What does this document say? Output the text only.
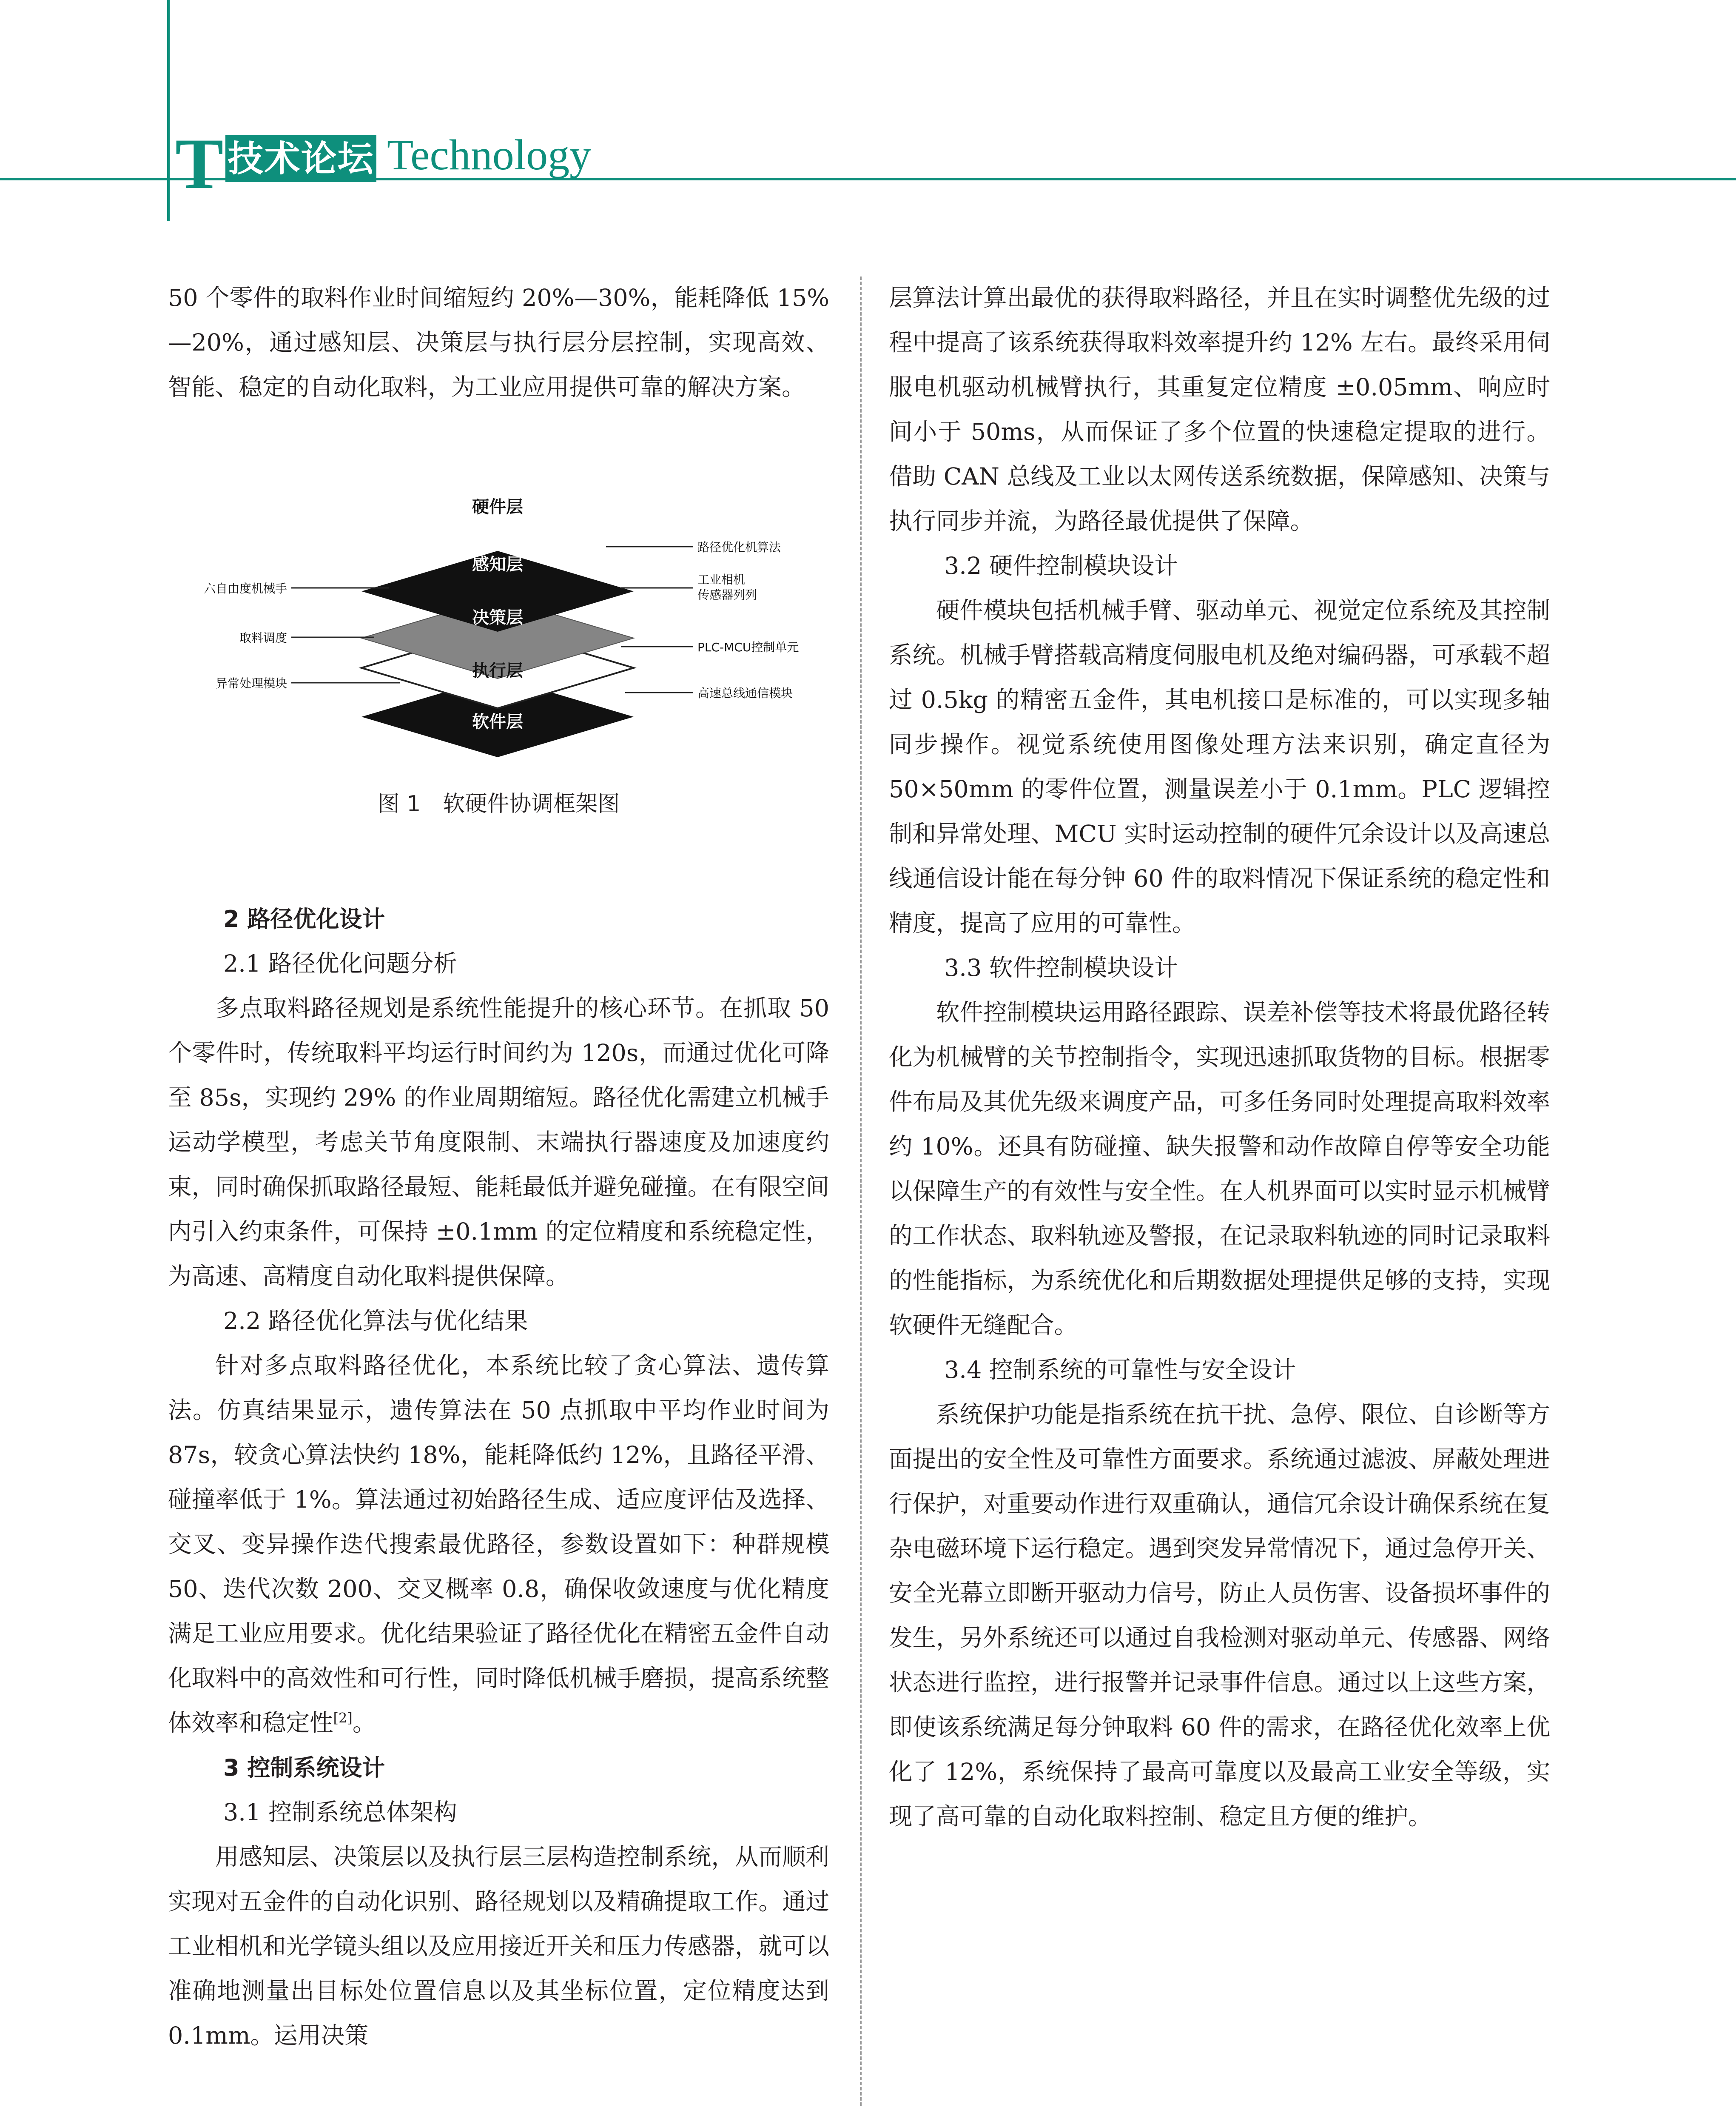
T 技术论坛 Technology

50 个零件的取料作业时间缩短约 20%—30%，能耗降低 15%—20%，通过感知层、决策层与执行层分层控制，实现高效、智能、稳定的自动化取料，为工业应用提供可靠的解决方案。

2 路径优化设计

2.1 路径优化问题分析

多点取料路径规划是系统性能提升的核心环节。在抓取 50 个零件时，传统取料平均运行时间约为 120s，而通过优化可降至 85s，实现约 29% 的作业周期缩短。路径优化需建立机械手运动学模型，考虑关节角度限制、末端执行器速度及加速度约束，同时确保抓取路径最短、能耗最低并避免碰撞。在有限空间内引入约束条件，可保持 ±0.1mm 的定位精度和系统稳定性，为高速、高精度自动化取料提供保障。

2.2 路径优化算法与优化结果

针对多点取料路径优化，本系统比较了贪心算法、遗传算法。仿真结果显示，遗传算法在 50 点抓取中平均作业时间为 87s，较贪心算法快约 18%，能耗降低约 12%，且路径平滑、碰撞率低于 1%。算法通过初始路径生成、适应度评估及选择、交叉、变异操作迭代搜索最优路径，参数设置如下：种群规模 50、迭代次数 200、交叉概率 0.8，确保收敛速度与优化精度满足工业应用要求。优化结果验证了路径优化在精密五金件自动化取料中的高效性和可行性，同时降低机械手磨损，提高系统整体效率和稳定性[2]。

3 控制系统设计

3.1 控制系统总体架构

用感知层、决策层以及执行层三层构造控制系统，从而顺利实现对五金件的自动化识别、路径规划以及精确提取工作。通过工业相机和光学镜头组以及应用接近开关和压力传感器，就可以准确地测量出目标处位置信息以及其坐标位置，定位精度达到 0.1mm。运用决策

硬件层
感知层
决策层
执行层
软件层
六自由度机械手
取料调度
异常处理模块
路径优化机算法
工业相机
传感器列列
PLC-MCU控制单元
高速总线通信模块
图 1　软硬件协调框架图

层算法计算出最优的获得取料路径，并且在实时调整优先级的过程中提高了该系统获得取料效率提升约 12% 左右。最终采用伺服电机驱动机械臂执行，其重复定位精度 ±0.05mm、响应时间小于 50ms，从而保证了多个位置的快速稳定提取的进行。借助 CAN 总线及工业以太网传送系统数据，保障感知、决策与执行同步并流，为路径最优提供了保障。

3.2 硬件控制模块设计

硬件模块包括机械手臂、驱动单元、视觉定位系统及其控制系统。机械手臂搭载高精度伺服电机及绝对编码器，可承载不超过 0.5kg 的精密五金件，其电机接口是标准的，可以实现多轴同步操作。视觉系统使用图像处理方法来识别，确定直径为 50×50mm 的零件位置，测量误差小于 0.1mm。PLC 逻辑控制和异常处理、MCU 实时运动控制的硬件冗余设计以及高速总线通信设计能在每分钟 60 件的取料情况下保证系统的稳定性和精度，提高了应用的可靠性。

3.3 软件控制模块设计

软件控制模块运用路径跟踪、误差补偿等技术将最优路径转化为机械臂的关节控制指令，实现迅速抓取货物的目标。根据零件布局及其优先级来调度产品，可多任务同时处理提高取料效率约 10%。还具有防碰撞、缺失报警和动作故障自停等安全功能以保障生产的有效性与安全性。在人机界面可以实时显示机械臂的工作状态、取料轨迹及警报，在记录取料轨迹的同时记录取料的性能指标，为系统优化和后期数据处理提供足够的支持，实现软硬件无缝配合。

3.4 控制系统的可靠性与安全设计

系统保护功能是指系统在抗干扰、急停、限位、自诊断等方面提出的安全性及可靠性方面要求。系统通过滤波、屏蔽处理进行保护，对重要动作进行双重确认，通信冗余设计确保系统在复杂电磁环境下运行稳定。遇到突发异常情况下，通过急停开关、安全光幕立即断开驱动力信号，防止人员伤害、设备损坏事件的发生，另外系统还可以通过自我检测对驱动单元、传感器、网络状态进行监控，进行报警并记录事件信息。通过以上这些方案，即使该系统满足每分钟取料 60 件的需求，在路径优化效率上优化了 12%，系统保持了最高可靠度以及最高工业安全等级，实现了高可靠的自动化取料控制、稳定且方便的维护。
